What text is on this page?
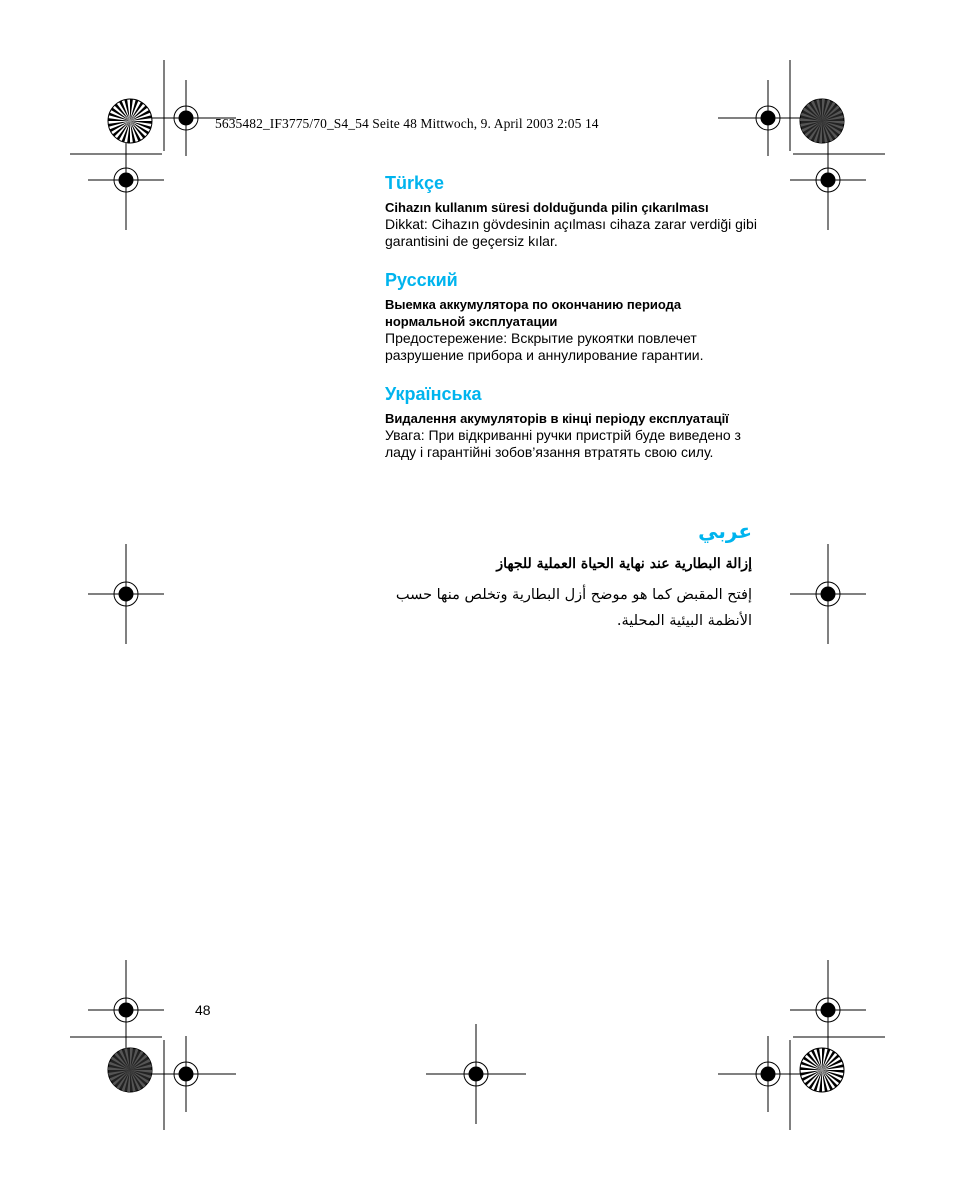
5635482_IF3775/70_S4_54 Seite 48 Mittwoch, 9. April 2003 2:05 14
Türkçe

Cihazın kullanım süresi dolduğunda pilin çıkarılması

Dikkat: Cihazın gövdesinin açılması cihaza zarar verdiği gibi garantisini de geçersiz kılar.

Русский

Выемка аккумулятора по окончанию периода нормальной эксплуатации

Предостережение: Вскрытие рукоятки повлечет разрушение прибора и аннулирование гарантии.

Українська

Видалення акумуляторів в кінці періоду експлуатації

Увага: При відкриванні ручки пристрій буде виведено з ладу і гарантійні зобов’язання втратять свою силу.

عربي

إزالة البطارية عند نهاية الحياة العملية للجهاز

إفتح المقبض كما هو موضح أزل البطارية وتخلص منها حسب الأنظمة البيئية المحلية.

48
